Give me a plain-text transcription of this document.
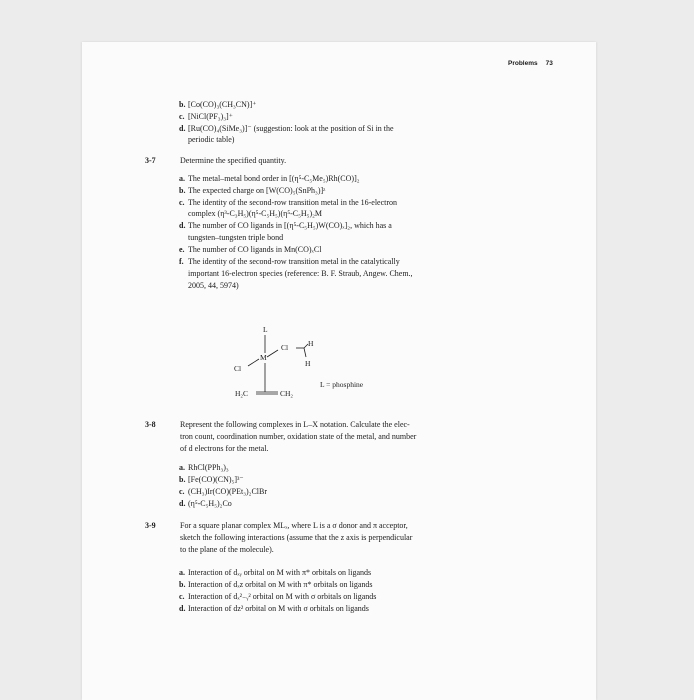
Problems 73
b. [Co(CO)₃(CH₃CN)]⁺
c. [NiCl(PF₃)₃]⁺
d. [Ru(CO)₄(SiMe₃)]⁻ (suggestion: look at the position of Si in the
periodic table)
3-7	Determine the specified quantity.
a. The metal–metal bond order in [(η⁵-C₅Me₅)Rh(CO)]₂
b. The expected charge on [W(CO)₅(SnPh₃)]ᶻ
c. The identity of the second-row transition metal in the 16-electron
complex (η³-C₃H₅)(η⁵-C₅H₅)(η⁵-C₅H₅)₂M
d. The number of CO ligands in [(η⁵-C₅H₅)W(CO)ₓ]₂, which has a
tungsten–tungsten triple bond
e. The number of CO ligands in Mn(CO)ₓCl
f. The identity of the second-row transition metal in the catalytically
important 16-electron species (reference: B. F. Straub, Angew. Chem.,
2005, 44, 5974)
L
M
Cl	H
H
Cl
H₂C	CH₂
L = phosphine
3-8	Represent the following complexes in L–X notation. Calculate the elec-
tron count, coordination number, oxidation state of the metal, and number
of d electrons for the metal.
a. RhCl(PPh₃)₃
b. [Fe(CO)(CN)₅]³⁻
c. (CH₃)Ir(CO)(PEt₃)₂ClBr
d. (η⁵-C₅H₅)₂Co
3-9	For a square planar complex MLₓ, where L is a σ donor and π acceptor,
sketch the following interactions (assume that the z axis is perpendicular
to the plane of the molecule).
a. Interaction of dₓᵧ orbital on M with π* orbitals on ligands
b. Interaction of dₓz orbital on M with π* orbitals on ligands
c. Interaction of dₓ²₋ᵧ² orbital on M with σ orbitals on ligands
d. Interaction of dz² orbital on M with σ orbitals on ligands
